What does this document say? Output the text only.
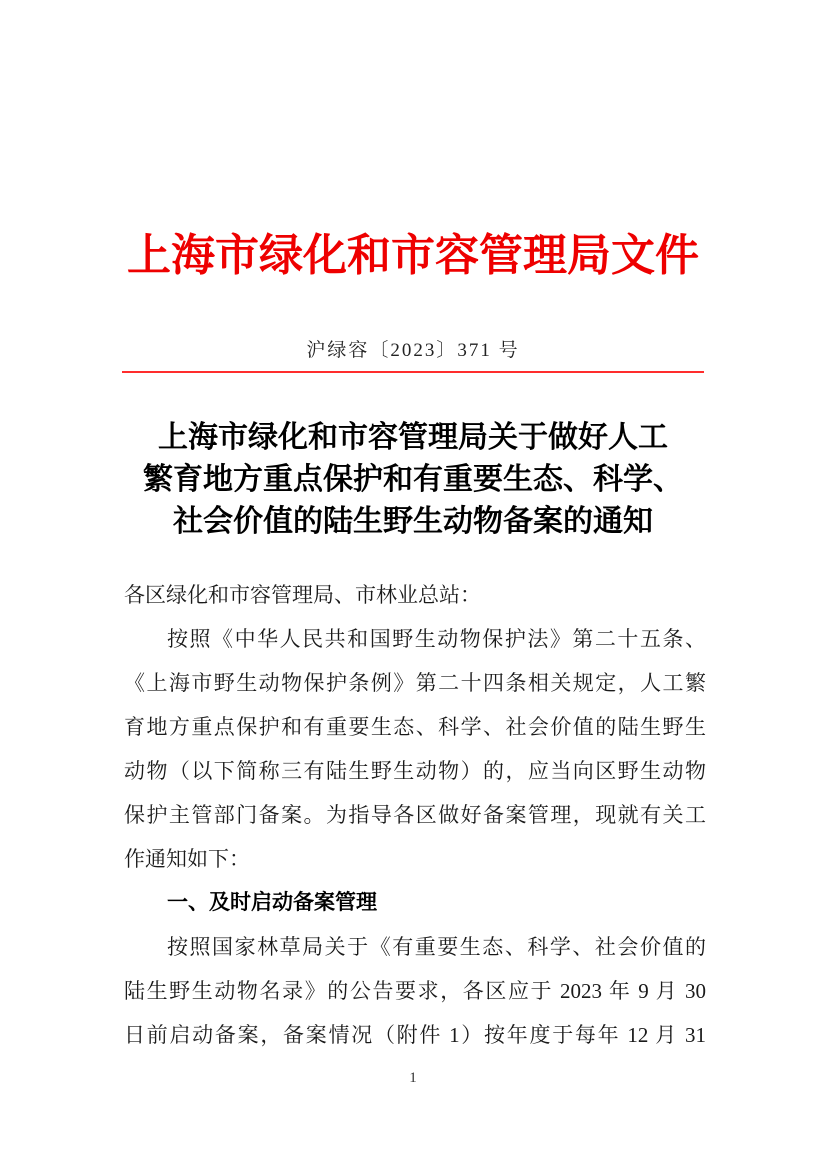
上海市绿化和市容管理局文件
沪绿容〔2023〕371 号
上海市绿化和市容管理局关于做好人工
繁育地方重点保护和有重要生态、科学、
社会价值的陆生野生动物备案的通知
各区绿化和市容管理局、市林业总站：
按照《中华人民共和国野生动物保护法》第二十五条、
《上海市野生动物保护条例》第二十四条相关规定，人工繁
育地方重点保护和有重要生态、科学、社会价值的陆生野生
动物（以下简称三有陆生野生动物）的，应当向区野生动物
保护主管部门备案。为指导各区做好备案管理，现就有关工
作通知如下：
一、及时启动备案管理
按照国家林草局关于《有重要生态、科学、社会价值的
陆生野生动物名录》的公告要求，各区应于 2023 年 9 月 30
日前启动备案，备案情况（附件 1）按年度于每年 12 月 31
1
